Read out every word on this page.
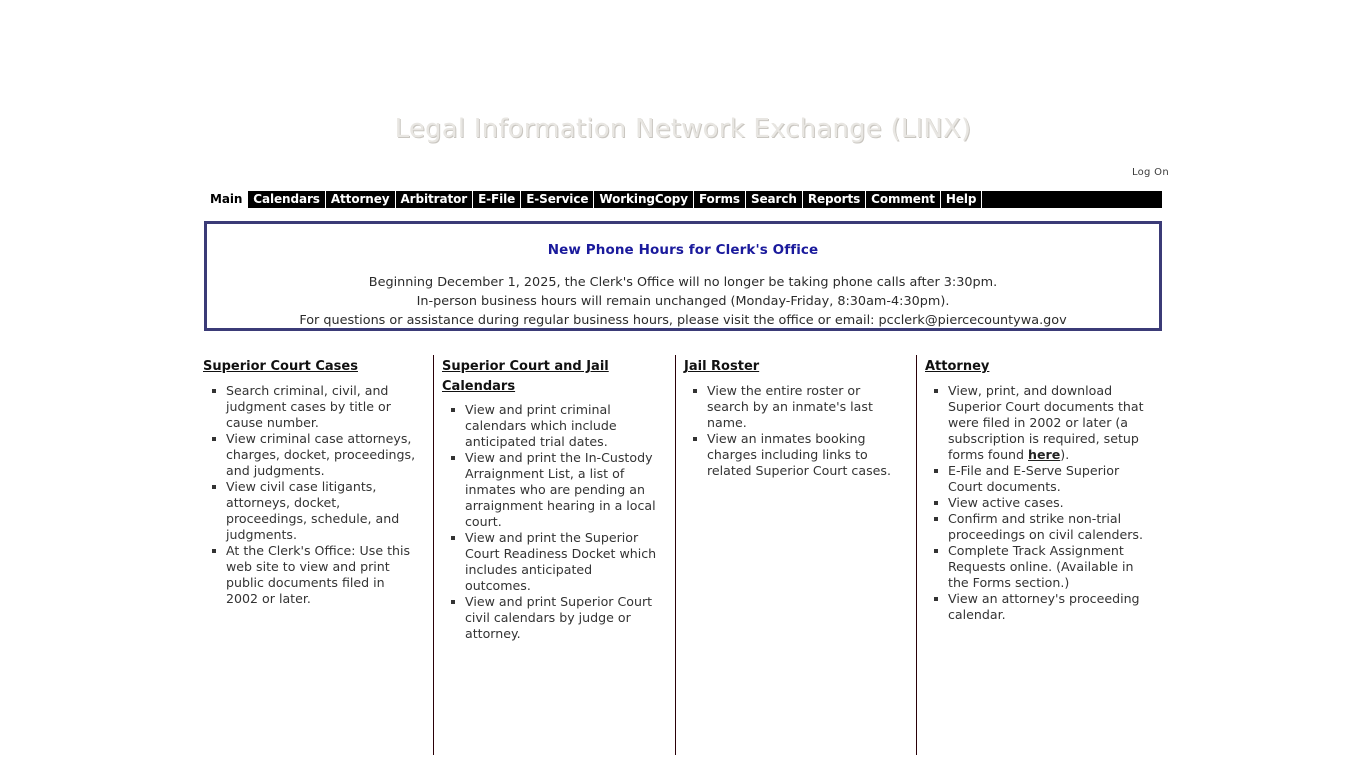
Legal Information Network Exchange (LINX)
Log On
Main Calendars Attorney Arbitrator E-File E-Service WorkingCopy Forms Search Reports Comment Help
New Phone Hours for Clerk's Office
Beginning December 1, 2025, the Clerk's Office will no longer be taking phone calls after 3:30pm.
In-person business hours will remain unchanged (Monday-Friday, 8:30am-4:30pm).
For questions or assistance during regular business hours, please visit the office or email: pcclerk@piercecountywa.gov
Superior Court Cases
Search criminal, civil, and judgment cases by title or cause number.
View criminal case attorneys, charges, docket, proceedings, and judgments.
View civil case litigants, attorneys, docket, proceedings, schedule, and judgments.
At the Clerk's Office: Use this web site to view and print public documents filed in 2002 or later.
Superior Court and Jail Calendars
View and print criminal calendars which include anticipated trial dates.
View and print the In-Custody Arraignment List, a list of inmates who are pending an arraignment hearing in a local court.
View and print the Superior Court Readiness Docket which includes anticipated outcomes.
View and print Superior Court civil calendars by judge or attorney.
Jail Roster
View the entire roster or search by an inmate's last name.
View an inmates booking charges including links to related Superior Court cases.
Attorney
View, print, and download Superior Court documents that were filed in 2002 or later (a subscription is required, setup forms found here).
E-File and E-Serve Superior Court documents.
View active cases.
Confirm and strike non-trial proceedings on civil calenders.
Complete Track Assignment Requests online. (Available in the Forms section.)
View an attorney's proceeding calendar.
